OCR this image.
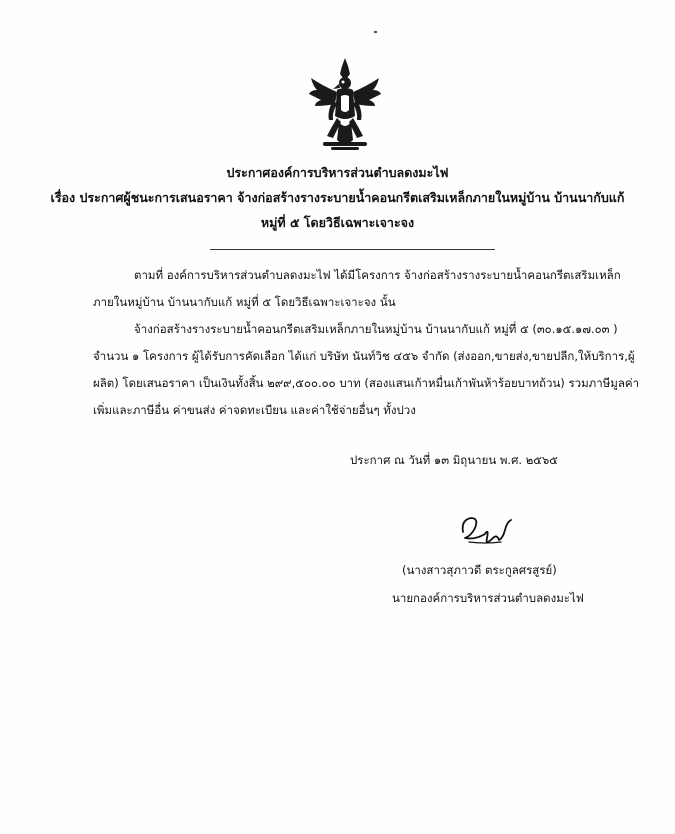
ประกาศองค์การบริหารส่วนตำบลดงมะไฟ
เรื่อง ประกาศผู้ชนะการเสนอราคา จ้างก่อสร้างรางระบายน้ำคอนกรีตเสริมเหล็กภายในหมู่บ้าน บ้านนากับแก้
หมู่ที่ ๕ โดยวิธีเฉพาะเจาะจง
ตามที่ องค์การบริหารส่วนตำบลดงมะไฟ ได้มีโครงการ จ้างก่อสร้างรางระบายน้ำคอนกรีตเสริมเหล็ก
ภายในหมู่บ้าน บ้านนากับแก้ หมู่ที่ ๕ โดยวิธีเฉพาะเจาะจง นั้น
จ้างก่อสร้างรางระบายน้ำคอนกรีตเสริมเหล็กภายในหมู่บ้าน บ้านนากับแก้ หมู่ที่ ๕ (๓๐.๑๕.๑๗.๐๓ )
จำนวน ๑ โครงการ ผู้ได้รับการคัดเลือก ได้แก่ บริษัท นันท์วิช ๔๕๖ จำกัด (ส่งออก,ขายส่ง,ขายปลีก,ให้บริการ,ผู้
ผลิต) โดยเสนอราคา เป็นเงินทั้งสิ้น ๒๙๙,๕๐๐.๐๐ บาท (สองแสนเก้าหมื่นเก้าพันห้าร้อยบาทถ้วน) รวมภาษีมูลค่า
เพิ่มและภาษีอื่น ค่าขนส่ง ค่าจดทะเบียน และค่าใช้จ่ายอื่นๆ ทั้งปวง
ประกาศ ณ วันที่ ๑๓ มิถุนายน พ.ศ. ๒๕๖๕
(นางสาวสุภาวดี ตระกูลศรสูรย์)
นายกองค์การบริหารส่วนตำบลดงมะไฟ
